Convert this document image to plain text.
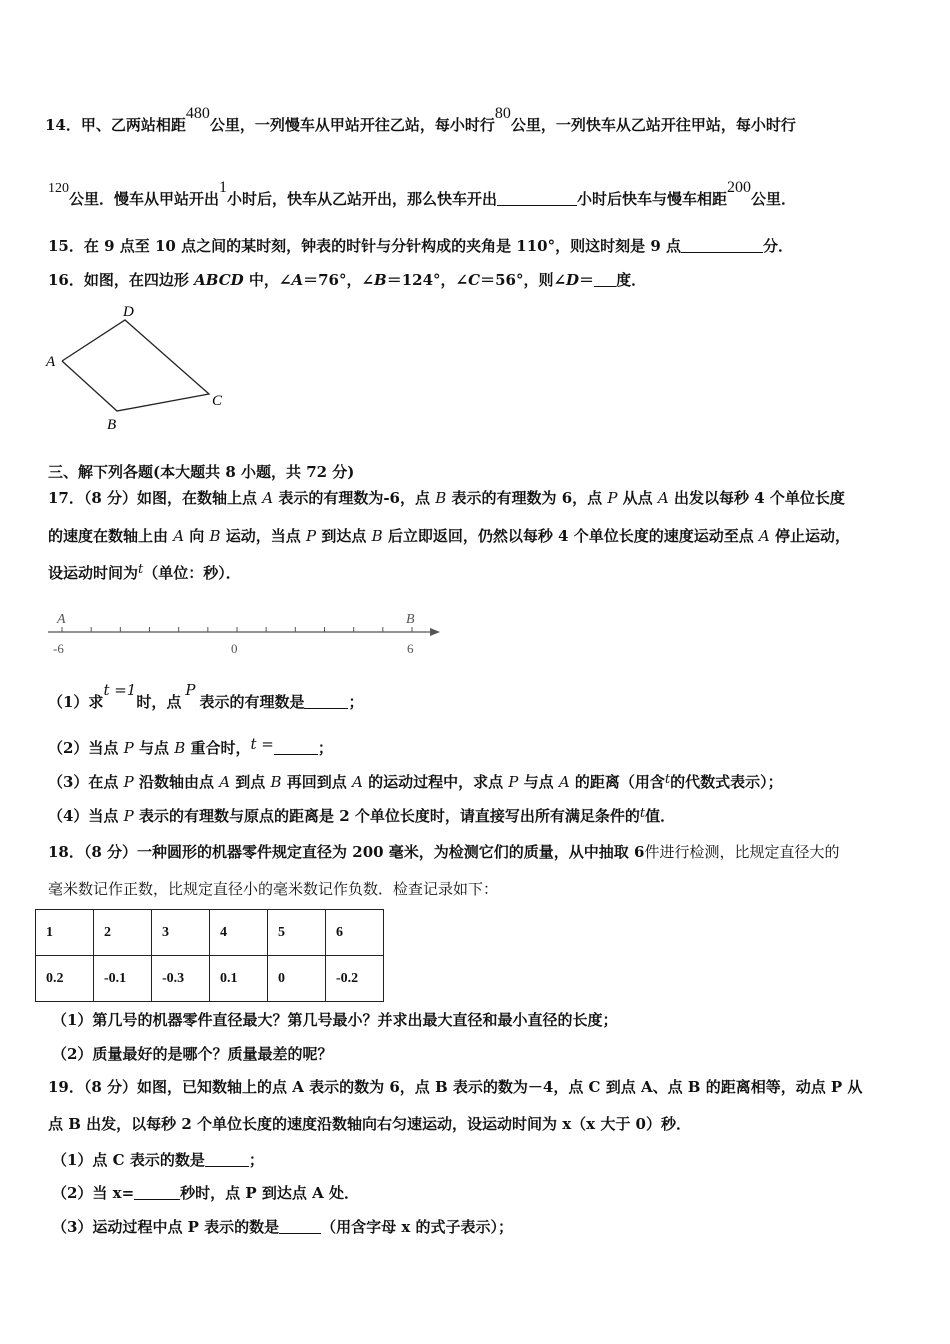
14．甲、乙两站相距480公里，一列慢车从甲站开往乙站，每小时行80公里，一列快车从乙站开往甲站，每小时行
120公里．慢车从甲站开出1小时后，快车从乙站开出，那么快车开出	小时后快车与慢车相距200公里．
15．在 9 点至 10 点之间的某时刻，钟表的时针与分针构成的夹角是 110°，则这时刻是 9 点	分．
16．如图，在四边形 ABCD 中，∠A＝76°，∠B＝124°，∠C＝56°，则∠D＝ 度．
D
A
C
B
三、解下列各题(本大题共 8 小题，共 72 分)
17．（8 分）如图，在数轴上点 A 表示的有理数为-6，点 B 表示的有理数为 6，点 P 从点 A 出发以每秒 4 个单位长度
的速度在数轴上由 A 向 B 运动，当点 P 到达点 B 后立即返回，仍然以每秒 4 个单位长度的速度运动至点 A 停止运动，
设运动时间为t（单位：秒）．
A	B
-6	0	6
（1）求t =1时，点P表示的有理数是	；
（2）当点 P 与点 B 重合时，t =	；
（3）在点 P 沿数轴由点 A 到点 B 再回到点 A 的运动过程中，求点 P 与点 A 的距离（用含t的代数式表示）；
（4）当点 P 表示的有理数与原点的距离是 2 个单位长度时，请直接写出所有满足条件的t值．
18．（8 分）一种圆形的机器零件规定直径为 200 毫米，为检测它们的质量，从中抽取 6件进行检测，比规定直径大的
毫米数记作正数，比规定直径小的毫米数记作负数．检查记录如下：
1	2	3	4	5	6
0.2	-0.1	-0.3	0.1	0	-0.2
（1）第几号的机器零件直径最大？第几号最小？并求出最大直径和最小直径的长度；
（2）质量最好的是哪个？质量最差的呢？
19．（8 分）如图，已知数轴上的点 A 表示的数为 6，点 B 表示的数为－4，点 C 到点 A、点 B 的距离相等，动点 P 从
点 B 出发，以每秒 2 个单位长度的速度沿数轴向右匀速运动，设运动时间为 x（x 大于 0）秒．
（1）点 C 表示的数是	；
（2）当 x=	秒时，点 P 到达点 A 处．
（3）运动过程中点 P 表示的数是	（用含字母 x 的式子表示）；
